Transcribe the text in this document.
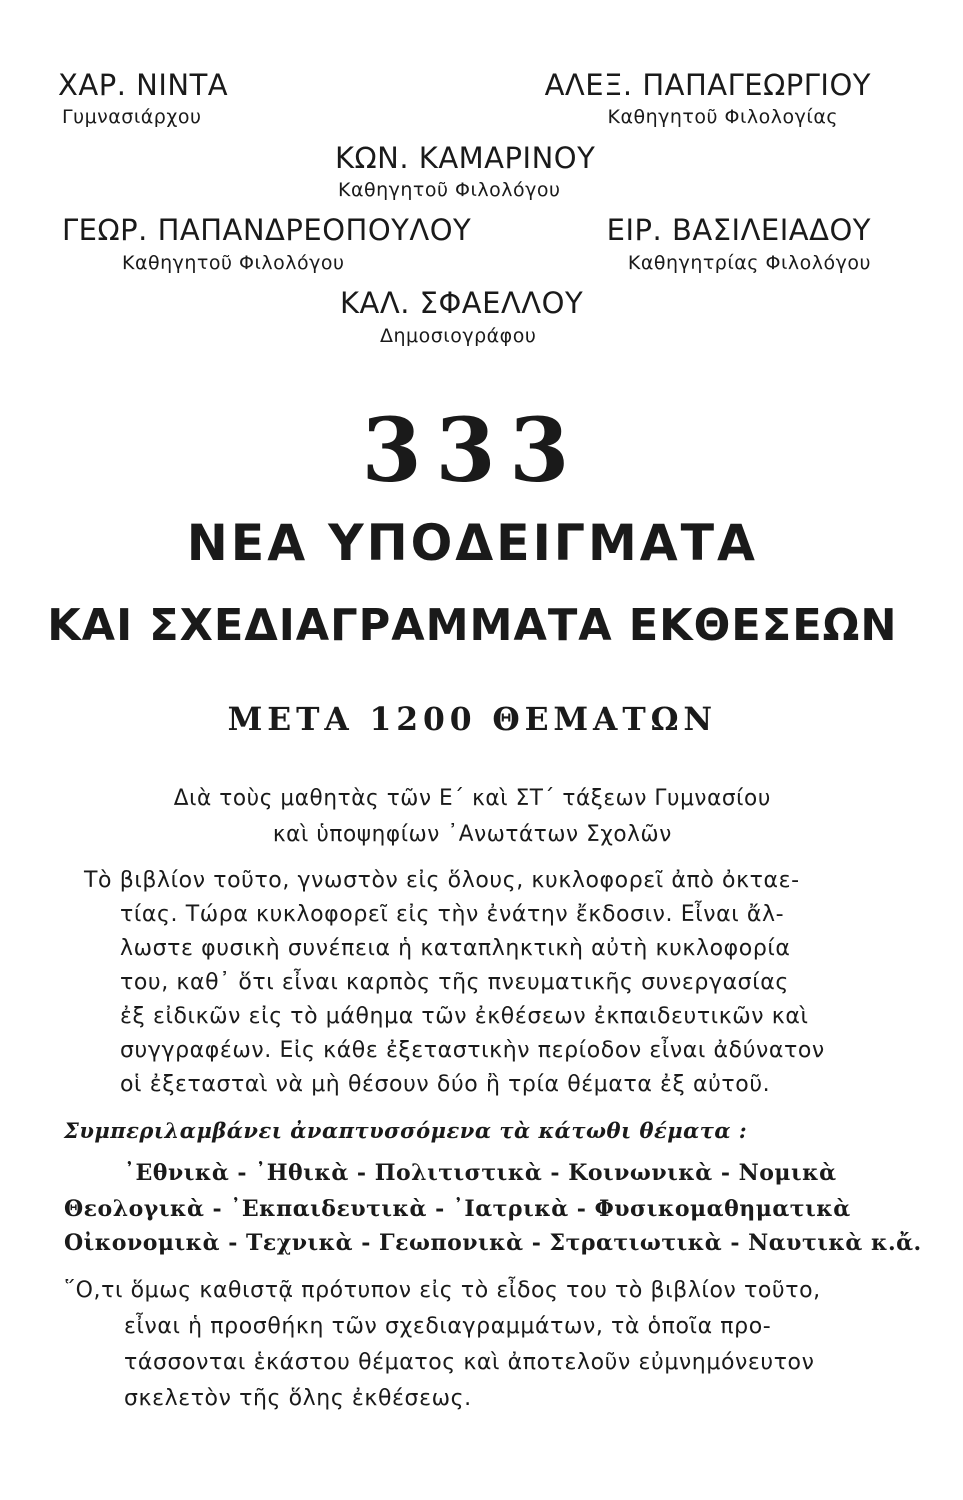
ΧΑΡ. ΝΙΝΤΑ
Γυμνασιάρχου
ΑΛΕΞ. ΠΑΠΑΓΕΩΡΓΙΟΥ
Καθηγητοῦ Φιλολογίας
ΚΩΝ. ΚΑΜΑΡΙΝΟΥ
Καθηγητοῦ Φιλολόγου
ΓΕΩΡ. ΠΑΠΑΝΔΡΕΟΠΟΥΛΟΥ
Καθηγητοῦ Φιλολόγου
ΕΙΡ. ΒΑΣΙΛΕΙΑΔΟΥ
Καθηγητρίας Φιλολόγου
ΚΑΛ. ΣΦΑΕΛΛΟΥ
Δημοσιογράφου
333
ΝΕΑ ΥΠΟΔΕΙΓΜΑΤΑ
ΚΑΙ ΣΧΕΔΙΑΓΡΑΜΜΑΤΑ ΕΚΘΕΣΕΩΝ
ΜΕΤΑ 1200 ΘΕΜΑΤΩΝ
Διὰ τοὺς μαθητὰς τῶν Ε΄ καὶ ΣΤ΄ τάξεων Γυμνασίου
καὶ ὑποψηφίων ᾽Ανωτάτων Σχολῶν
Τὸ βιβλίον τοῦτο, γνωστὸν εἰς ὅλους, κυκλοφορεῖ ἀπὸ ὀκταε-
τίας. Τώρα κυκλοφορεῖ εἰς τὴν ἐνάτην ἔκδοσιν. Εἶναι ἄλ-
λωστε φυσικὴ συνέπεια ἡ καταπληκτικὴ αὐτὴ κυκλοφορία
του, καθ᾽ ὅτι εἶναι καρπὸς τῆς πνευματικῆς συνεργασίας
ἐξ εἰδικῶν εἰς τὸ μάθημα τῶν ἐκθέσεων ἐκπαιδευτικῶν καὶ
συγγραφέων. Εἰς κάθε ἐξεταστικὴν περίοδον εἶναι ἀδύνατον
οἱ ἐξετασταὶ νὰ μὴ θέσουν δύο ἢ τρία θέματα ἐξ αὐτοῦ.
Συμπεριλαμβάνει ἀναπτυσσόμενα τὰ κάτωθι θέματα :
᾽Εθνικὰ - ᾽Ηθικὰ - Πολιτιστικὰ - Κοινωνικὰ - Νομικὰ
Θεολογικὰ - ᾽Εκπαιδευτικὰ - ᾽Ιατρικὰ - Φυσικομαθηματικὰ
Οἰκονομικὰ - Τεχνικὰ - Γεωπονικὰ - Στρατιωτικὰ - Ναυτικὰ κ.ἄ.
῞Ο,τι ὅμως καθιστᾷ πρότυπον εἰς τὸ εἶδος του τὸ βιβλίον τοῦτο,
εἶναι ἡ προσθήκη τῶν σχεδιαγραμμάτων, τὰ ὁποῖα προ-
τάσσονται ἑκάστου θέματος καὶ ἀποτελοῦν εὐμνημόνευτον
σκελετὸν τῆς ὅλης ἐκθέσεως.
